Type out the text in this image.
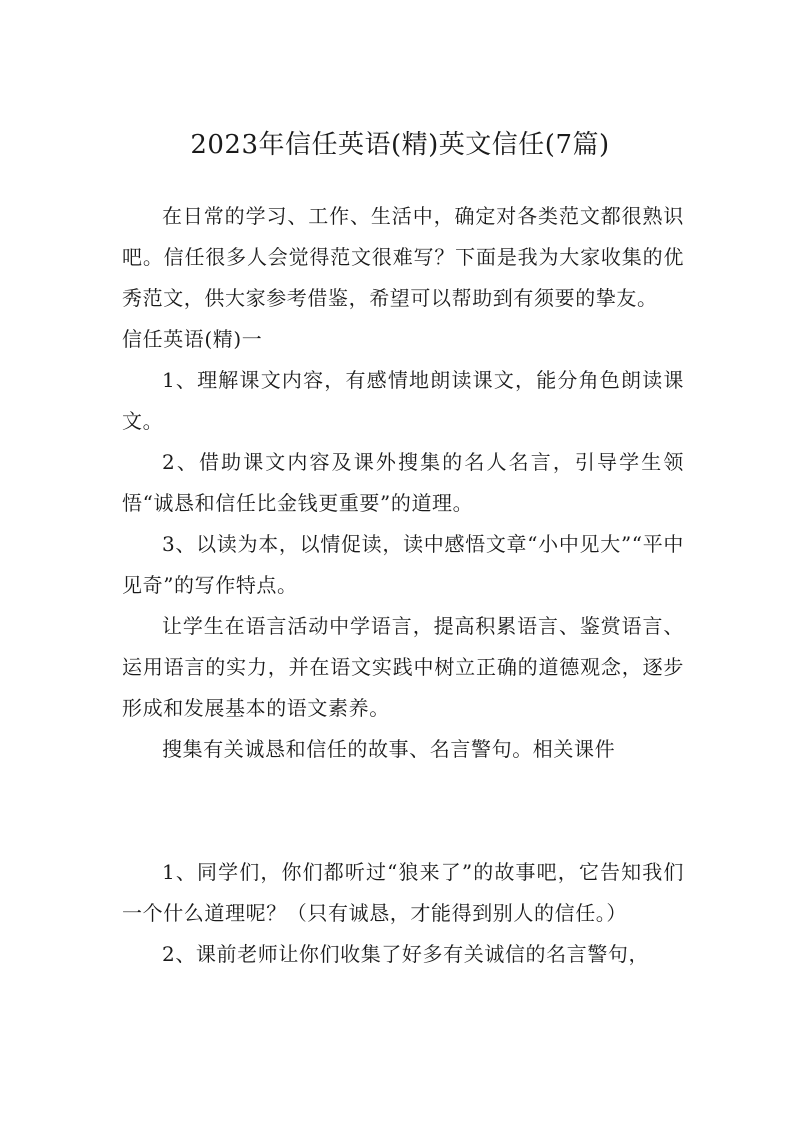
2023年信任英语(精)英文信任(7篇)

在日常的学习、工作、生活中，确定对各类范文都很熟识吧。信任很多人会觉得范文很难写？下面是我为大家收集的优秀范文，供大家参考借鉴，希望可以帮助到有须要的挚友。

信任英语(精)一

1、理解课文内容，有感情地朗读课文，能分角色朗读课文。

2、借助课文内容及课外搜集的名人名言，引导学生领悟“诚恳和信任比金钱更重要”的道理。

3、以读为本，以情促读，读中感悟文章“小中见大”“平中见奇”的写作特点。

让学生在语言活动中学语言，提高积累语言、鉴赏语言、运用语言的实力，并在语文实践中树立正确的道德观念，逐步形成和发展基本的语文素养。

搜集有关诚恳和信任的故事、名言警句。相关课件

1、同学们，你们都听过“狼来了”的故事吧，它告知我们一个什么道理呢？（只有诚恳，才能得到别人的信任。）

2、课前老师让你们收集了好多有关诚信的名言警句，
